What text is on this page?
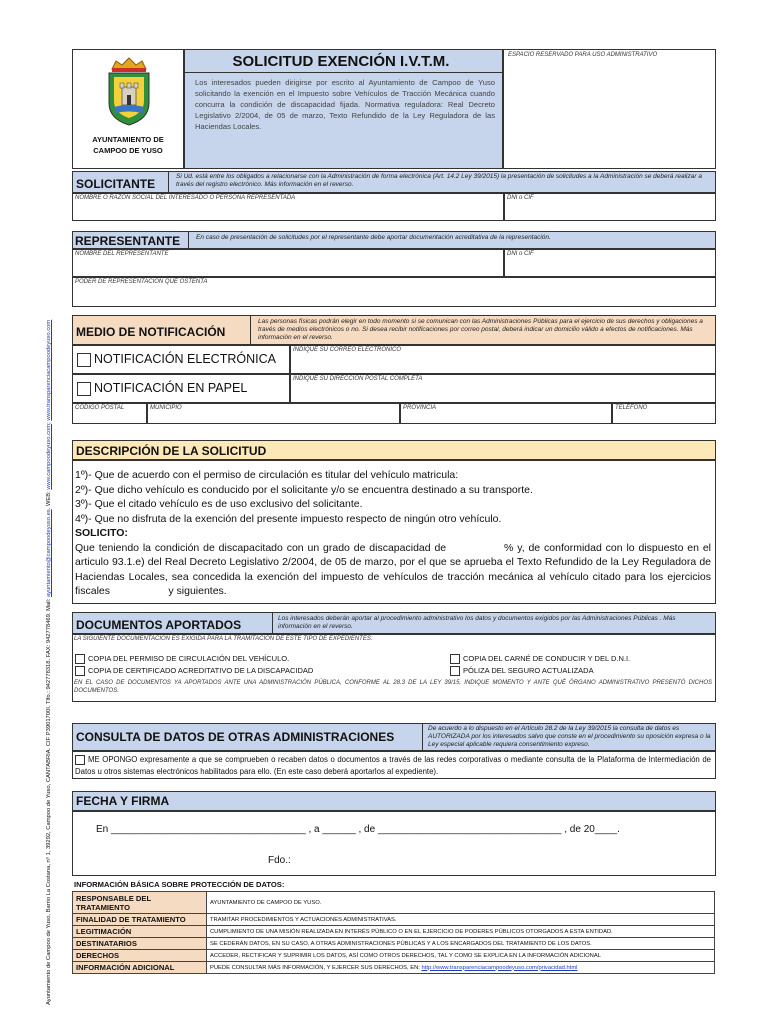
Ayuntamiento de Campoo de Yuso, Barrio La Costana, nº 1, 39292, Campoo de Yuso, CANTABRIA. CIF P3901700I. Tlfo.: 942778318. FAX: 942778469. Mail: ayuntamiento@campoodeyuso.es. WEB: www.campoodeyuso.com; www.transparenciacampoodeyuso.com
AYUNTAMIENTO DE
CAMPOO DE YUSO
SOLICITUD EXENCIÓN I.V.T.M.
Los interesados pueden dirigirse por escrito al Ayuntamiento de Campoo de Yuso solicitando la exención en el Impuesto sobre Vehículos de Tracción Mecánica cuando concurra la condición de discapacidad fijada. Normativa reguladora: Real Decreto Legislativo 2/2004, de 05 de marzo, Texto Refundido de la Ley Reguladora de las Haciendas Locales.
ESPACIO RESERVADO PARA USO ADMINISTRATIVO
SOLICITANTE
Si Ud. está entre los obligados a relacionarse con la Administración de forma electrónica (Art. 14.2 Ley 39/2015) la presentación de solicitudes a la Administración se deberá realizar a través del registro electrónico. Más información en el reverso.
NOMBRE O RAZÓN SOCIAL DEL INTERESADO O PERSONA REPRESENTADA	DNI o CIF
REPRESENTANTE En caso de presentación de solicitudes por el representante debe aportar documentación acreditativa de la representación.
NOMBRE DEL REPRESENTANTE	DNI o CIF
PODER DE REPRESENTACIÓN QUE OSTENTA
MEDIO DE NOTIFICACIÓN
Las personas físicas podrán elegir en todo momento si se comunican con las Administraciones Públicas para el ejercicio de sus derechos y obligaciones a través de medios electrónicos o no. Si desea recibir notificaciones por correo postal, deberá indicar un domicilio válido a efectos de notificaciones. Más información en el reverso.
NOTIFICACIÓN ELECTRÓNICA
INDIQUE SU CORREO ELECTRÓNICO
NOTIFICACIÓN EN PAPEL
INDIQUE SU DIRECCIÓN POSTAL COMPLETA
CÓDIGO POSTAL	MUNICIPIO	PROVINCIA	TELÉFONO
DESCRIPCIÓN DE LA SOLICITUD
1º)- Que de acuerdo con el permiso de circulación es titular del vehículo matricula:
2º)- Que dicho vehículo es conducido por el solicitante y/o se encuentra destinado a su transporte.
3º)- Que el citado vehículo es de uso exclusivo del solicitante.
4º)- Que no disfruta de la exención del presente impuesto respecto de ningún otro vehículo.
SOLICITO:
Que teniendo la condición de discapacitado con un grado de discapacidad de               % y, de conformidad con lo dispuesto en el articulo 93.1.e) del Real Decreto Legislativo 2/2004, de 05 de marzo, por el que se aprueba el Texto Refundido de la Ley Reguladora de Haciendas Locales, sea concedida la exención del impuesto de vehículos de tracción mecánica al vehículo citado para los ejercicios fiscales                    y siguientes.
DOCUMENTOS APORTADOS	Los interesados deberán aportar al procedimiento administrativo los datos y documentos exigidos por las Administraciones Públicas . Más información en el reverso.
LA SIGUIENTE DOCUMENTACIÓN ES EXIGIDA PARA LA TRAMITACIÓN DE ESTE TIPO DE EXPEDIENTES:
COPIA DEL PERMISO DE CIRCULACIÓN DEL VEHÍCULO.
COPIA DE CERTIFICADO ACREDITATIVO DE LA DISCAPACIDAD
COPIA DEL CARNÉ DE CONDUCIR Y DEL D.N.I.
PÓLIZA DEL SEGURO ACTUALIZADA
EN EL CASO DE DOCUMENTOS YA APORTADOS ANTE UNA ADMINISTRACIÓN PÚBLICA, CONFORME AL 28.3 DE LA LEY 39/15, INDIQUE MOMENTO Y ANTE QUÉ ÓRGANO ADMINISTRATIVO PRESENTÓ DICHOS DOCUMENTOS.
CONSULTA DE DATOS DE OTRAS ADMINISTRACIONES
De acuerdo a lo dispuesto en el Artículo 28.2 de la Ley 39/2015 la consulta de datos es AUTORIZADA por los interesados salvo que conste en el procedimiento su oposición expresa o la Ley especial aplicable requiera consentimiento expreso.
ME OPONGO expresamente a que se comprueben o recaben datos o documentos a través de las redes corporativas o mediante consulta de la Plataforma de Intermediación de Datos u otros sistemas electrónicos habilitados para ello. (En este caso deberá aportarlos al expediente).
FECHA Y FIRMA
En ___________________________________ , a ______ , de _________________________________ , de 20____.
Fdo.:
INFORMACIÓN BÁSICA SOBRE PROTECCIÓN DE DATOS:
RESPONSABLE DEL TRATAMIENTO	AYUNTAMIENTO DE CAMPOO DE YUSO.
FINALIDAD DE TRATAMIENTO	TRAMITAR PROCEDIMIENTOS Y ACTUACIONES ADMINISTRATIVAS.
LEGITIMACIÓN	CUMPLIMIENTO DE UNA MISIÓN REALIZADA EN INTERÉS PÚBLICO O EN EL EJERCICIO DE PODERES PÚBLICOS OTORGADOS A ESTA ENTIDAD.
DESTINATARIOS	SE CEDERÁN DATOS, EN SU CASO, A OTRAS ADMINISTRACIONES PÚBLICAS Y A LOS ENCARGADOS DEL TRATAMIENTO DE LOS DATOS.
DERECHOS	ACCEDER, RECTIFICAR Y SUPRIMIR LOS DATOS, ASÍ COMO OTROS DERECHOS, TAL Y COMO SE EXPLICA EN LA INFORMACIÓN ADICIONAL
INFORMACIÓN ADICIONAL	PUEDE CONSULTAR MÁS INFORMACIÓN, Y EJERCER SUS DERECHOS, EN: http://www.transparenciacampoodeyuso.com/privacidad.html
